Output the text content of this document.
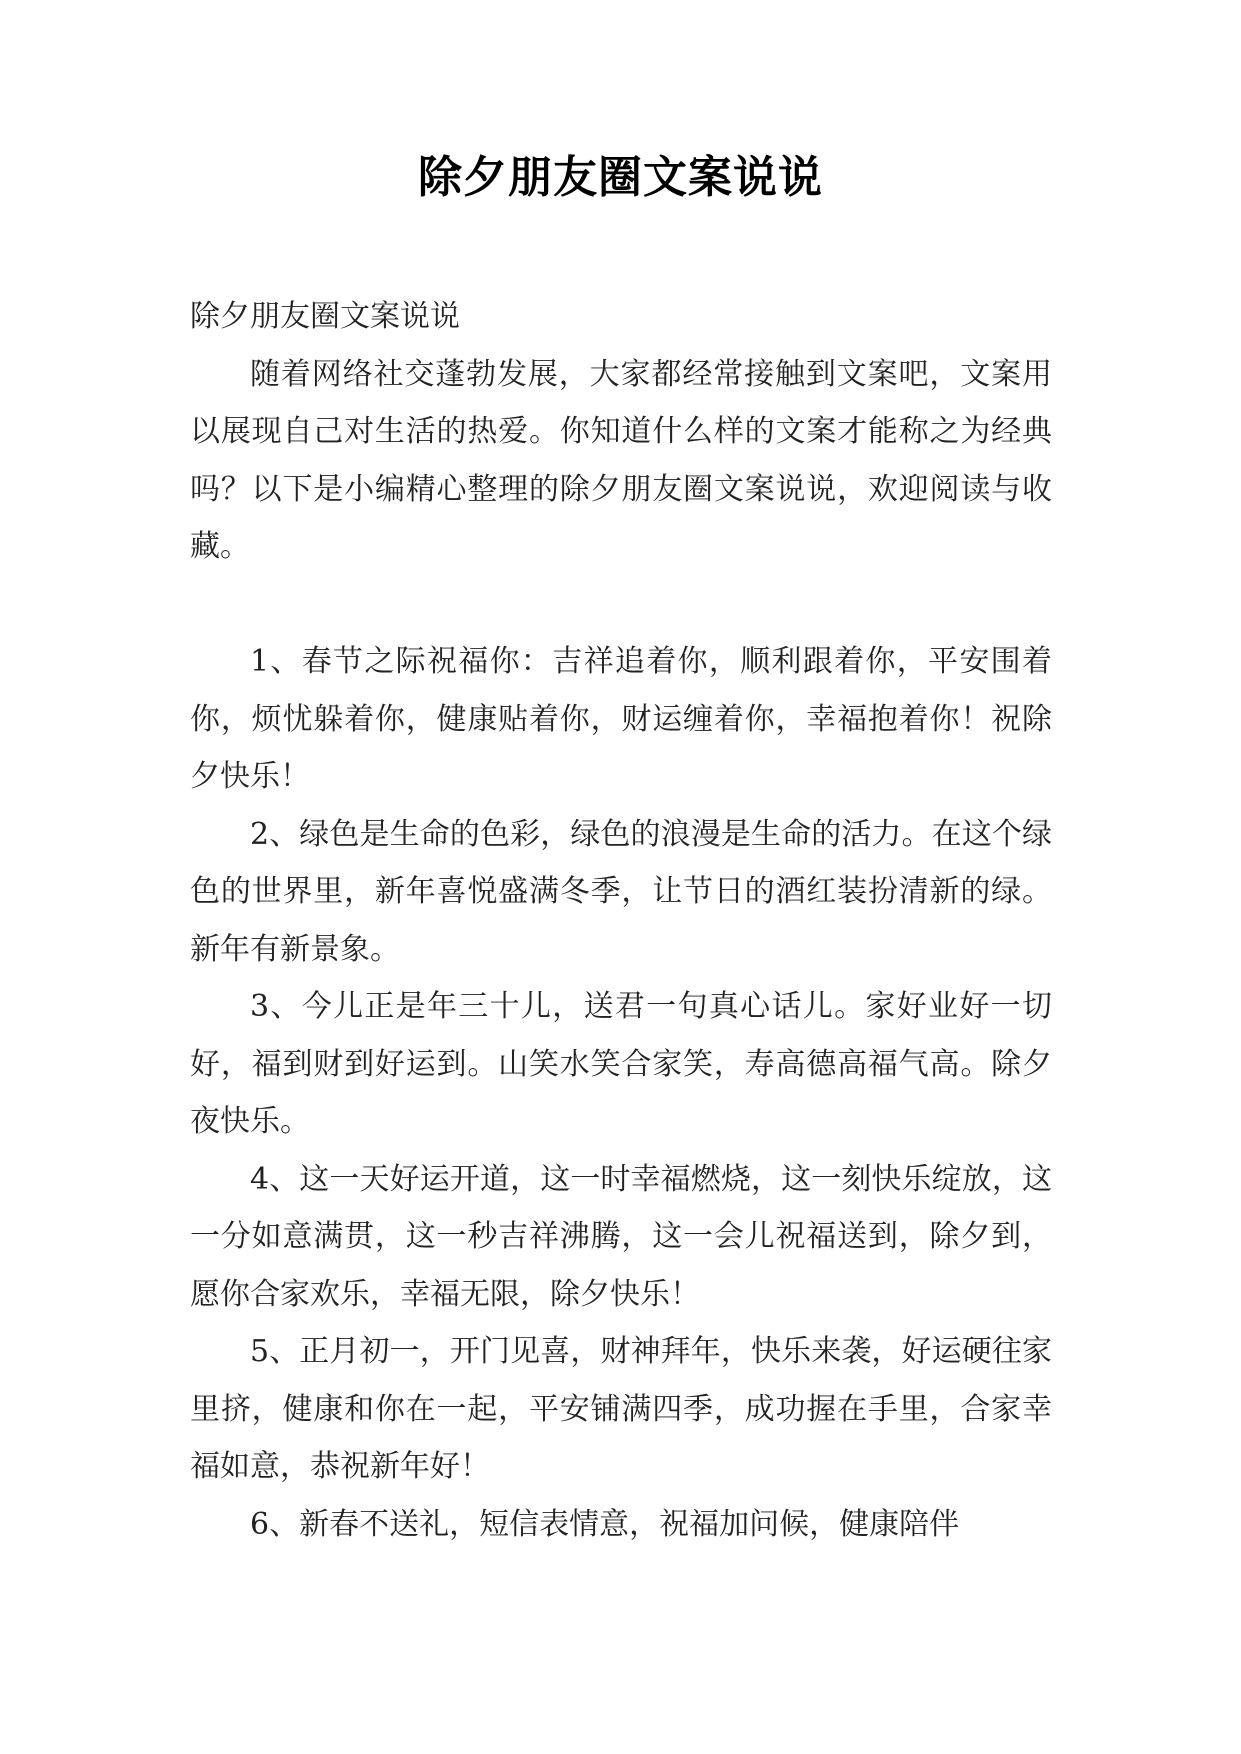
除夕朋友圈文案说说

除夕朋友圈文案说说

随着网络社交蓬勃发展，大家都经常接触到文案吧，文案用以展现自己对生活的热爱。你知道什么样的文案才能称之为经典吗？以下是小编精心整理的除夕朋友圈文案说说，欢迎阅读与收藏。

1、春节之际祝福你：吉祥追着你，顺利跟着你，平安围着你，烦忧躲着你，健康贴着你，财运缠着你，幸福抱着你！祝除夕快乐！

2、绿色是生命的色彩，绿色的浪漫是生命的活力。在这个绿色的世界里，新年喜悦盛满冬季，让节日的酒红装扮清新的绿。新年有新景象。

3、今儿正是年三十儿，送君一句真心话儿。家好业好一切好，福到财到好运到。山笑水笑合家笑，寿高德高福气高。除夕夜快乐。

4、这一天好运开道，这一时幸福燃烧，这一刻快乐绽放，这一分如意满贯，这一秒吉祥沸腾，这一会儿祝福送到，除夕到，愿你合家欢乐，幸福无限，除夕快乐！

5、正月初一，开门见喜，财神拜年，快乐来袭，好运硬往家里挤，健康和你在一起，平安铺满四季，成功握在手里，合家幸福如意，恭祝新年好！

6、新春不送礼，短信表情意，祝福加问候，健康陪伴
